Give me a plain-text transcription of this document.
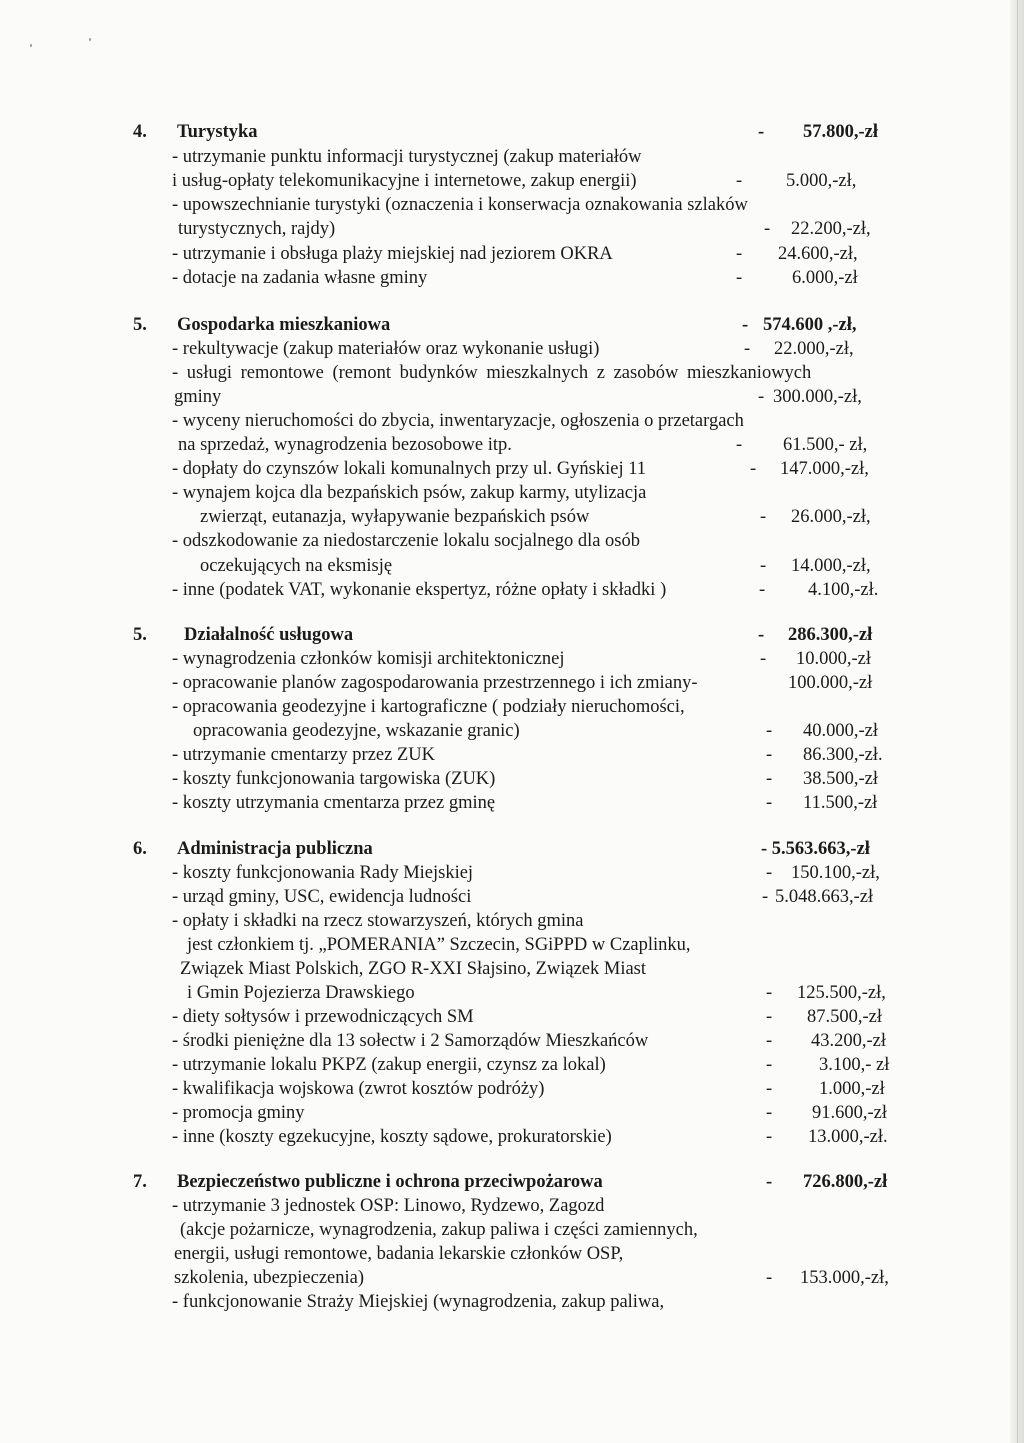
4. Turystyka	- 57.800,-zł
- utrzymanie punktu informacji turystycznej (zakup materiałów
i usług-opłaty telekomunikacyjne i internetowe, zakup energii)	- 5.000,-zł,
- upowszechnianie turystyki (oznaczenia i konserwacja oznakowania szlaków
turystycznych, rajdy)	- 22.200,-zł,
- utrzymanie i obsługa plaży miejskiej nad jeziorem OKRA	- 24.600,-zł,
- dotacje na zadania własne gminy	-	6.000,-zł
5. Gospodarka mieszkaniowa	- 574.600 ,-zł,
- rekultywacje (zakup materiałów oraz wykonanie usługi)	- 22.000,-zł,
- usługi remontowe (remont budynków mieszkalnych z zasobów mieszkaniowych
gminy	- 300.000,-zł,
- wyceny nieruchomości do zbycia, inwentaryzacje, ogłoszenia o przetargach
na sprzedaż, wynagrodzenia bezosobowe itp.	- 61.500,- zł,
- dopłaty do czynszów lokali komunalnych przy ul. Gyńskiej 11	- 147.000,-zł,
- wynajem kojca dla bezpańskich psów, zakup karmy, utylizacja
zwierząt, eutanazja, wyłapywanie bezpańskich psów	- 26.000,-zł,
- odszkodowanie za niedostarczenie lokalu socjalnego dla osób
oczekujących na eksmisję	- 14.000,-zł,
- inne (podatek VAT, wykonanie ekspertyz, różne opłaty i składki )	- 4.100,-zł.
5. Działalność usługowa	- 286.300,-zł
- wynagrodzenia członków komisji architektonicznej	- 10.000,-zł
- opracowanie planów zagospodarowania przestrzennego i ich zmiany-	100.000,-zł
- opracowania geodezyjne i kartograficzne ( podziały nieruchomości,
opracowania geodezyjne, wskazanie granic)	- 40.000,-zł
- utrzymanie cmentarzy przez ZUK	- 86.300,-zł.
- koszty funkcjonowania targowiska (ZUK)	- 38.500,-zł
- koszty utrzymania cmentarza przez gminę	- 11.500,-zł
6. Administracja publiczna	- 5.563.663,-zł
- koszty funkcjonowania Rady Miejskiej	- 150.100,-zł,
- urząd gminy, USC, ewidencja ludności	- 5.048.663,-zł
- opłaty i składki na rzecz stowarzyszeń, których gmina
jest członkiem tj. „POMERANIA” Szczecin, SGiPPD w Czaplinku,
Związek Miast Polskich, ZGO R-XXI Słajsino, Związek Miast
i Gmin Pojezierza Drawskiego	- 125.500,-zł,
- diety sołtysów i przewodniczących SM	- 87.500,-zł
- środki pieniężne dla 13 sołectw i 2 Samorządów Mieszkańców	- 43.200,-zł
- utrzymanie lokalu PKPZ (zakup energii, czynsz za lokal)	-	3.100,- zł
- kwalifikacja wojskowa (zwrot kosztów podróży)	-	1.000,-zł
- promocja gminy	- 91.600,-zł
- inne (koszty egzekucyjne, koszty sądowe, prokuratorskie)	- 13.000,-zł.
7. Bezpieczeństwo publiczne i ochrona przeciwpożarowa	- 726.800,-zł
- utrzymanie 3 jednostek OSP: Linowo, Rydzewo, Zagozd
(akcje pożarnicze, wynagrodzenia, zakup paliwa i części zamiennych,
energii, usługi remontowe, badania lekarskie członków OSP,
szkolenia, ubezpieczenia)	- 153.000,-zł,
- funkcjonowanie Straży Miejskiej (wynagrodzenia, zakup paliwa,
